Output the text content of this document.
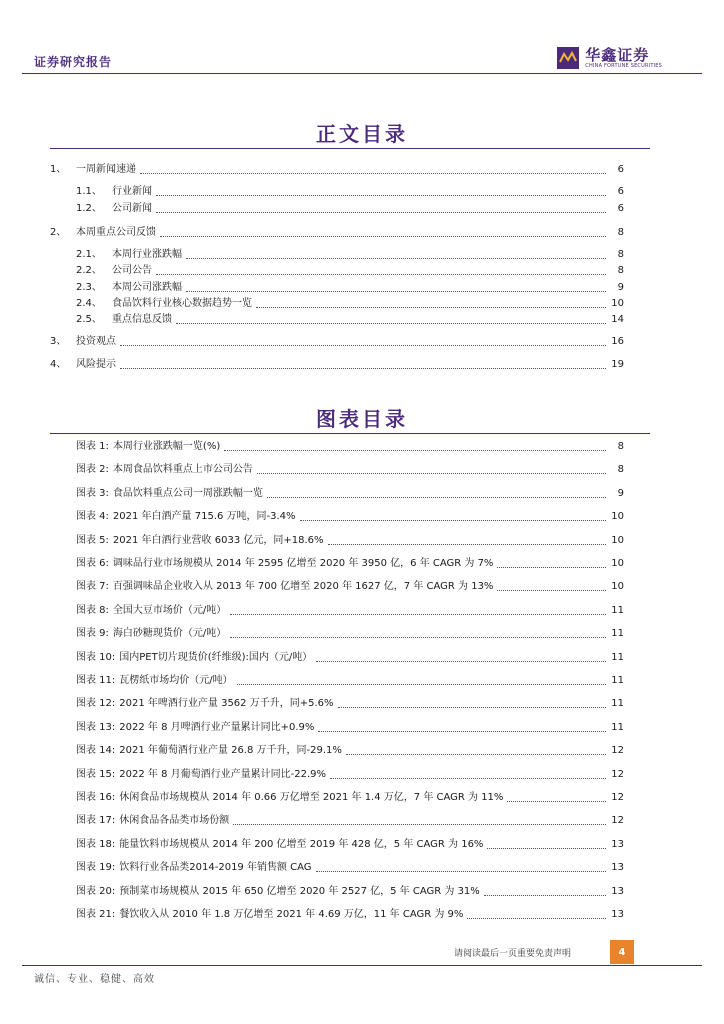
证券研究报告	华鑫证券
CHINA FORTUNE SECURITIES
正文目录
1、 一周新闻速递	6
1.1、	行业新闻	6
1.2、	公司新闻	6
2、 本周重点公司反馈	8
2.1、	本周行业涨跌幅	8
2.2、	公司公告	8
2.3、	本周公司涨跌幅	9
2.4、	食品饮料行业核心数据趋势一览	10
2.5、	重点信息反馈	14
3、 投资观点	16
4、 风险提示	19
图表目录
图表 1: 本周行业涨跌幅一览(%)	8
图表 2: 本周食品饮料重点上市公司公告	8
图表 3: 食品饮料重点公司一周涨跌幅一览	9
图表 4: 2021 年白酒产量 715.6 万吨，同-3.4%	10
图表 5: 2021 年白酒行业营收 6033 亿元，同+18.6%	10
图表 6: 调味品行业市场规模从 2014 年 2595 亿增至 2020 年 3950 亿，6 年 CAGR 为 7%	10
图表 7: 百强调味品企业收入从 2013 年 700 亿增至 2020 年 1627 亿，7 年 CAGR 为 13%	10
图表 8: 全国大豆市场价（元/吨）	11
图表 9: 海白砂糖现货价（元/吨）	11
图表 10: 国内PET切片现货价(纤维级):国内（元/吨）	11
图表 11: 瓦楞纸市场均价（元/吨）	11
图表 12: 2021 年啤酒行业产量 3562 万千升，同+5.6%	11
图表 13: 2022 年 8 月啤酒行业产量累计同比+0.9%	11
图表 14: 2021 年葡萄酒行业产量 26.8 万千升，同-29.1%	12
图表 15: 2022 年 8 月葡萄酒行业产量累计同比-22.9%	12
图表 16: 休闲食品市场规模从 2014 年 0.66 万亿增至 2021 年 1.4 万亿，7 年 CAGR 为 11%	12
图表 17: 休闲食品各品类市场份额	12
图表 18: 能量饮料市场规模从 2014 年 200 亿增至 2019 年 428 亿，5 年 CAGR 为 16%	13
图表 19: 饮料行业各品类2014-2019 年销售额 CAG	13
图表 20: 预制菜市场规模从 2015 年 650 亿增至 2020 年 2527 亿，5 年 CAGR 为 31%	13
图表 21: 餐饮收入从 2010 年 1.8 万亿增至 2021 年 4.69 万亿，11 年 CAGR 为 9%	13
请阅读最后一页重要免责声明	4
诚信、专业、稳健、高效
